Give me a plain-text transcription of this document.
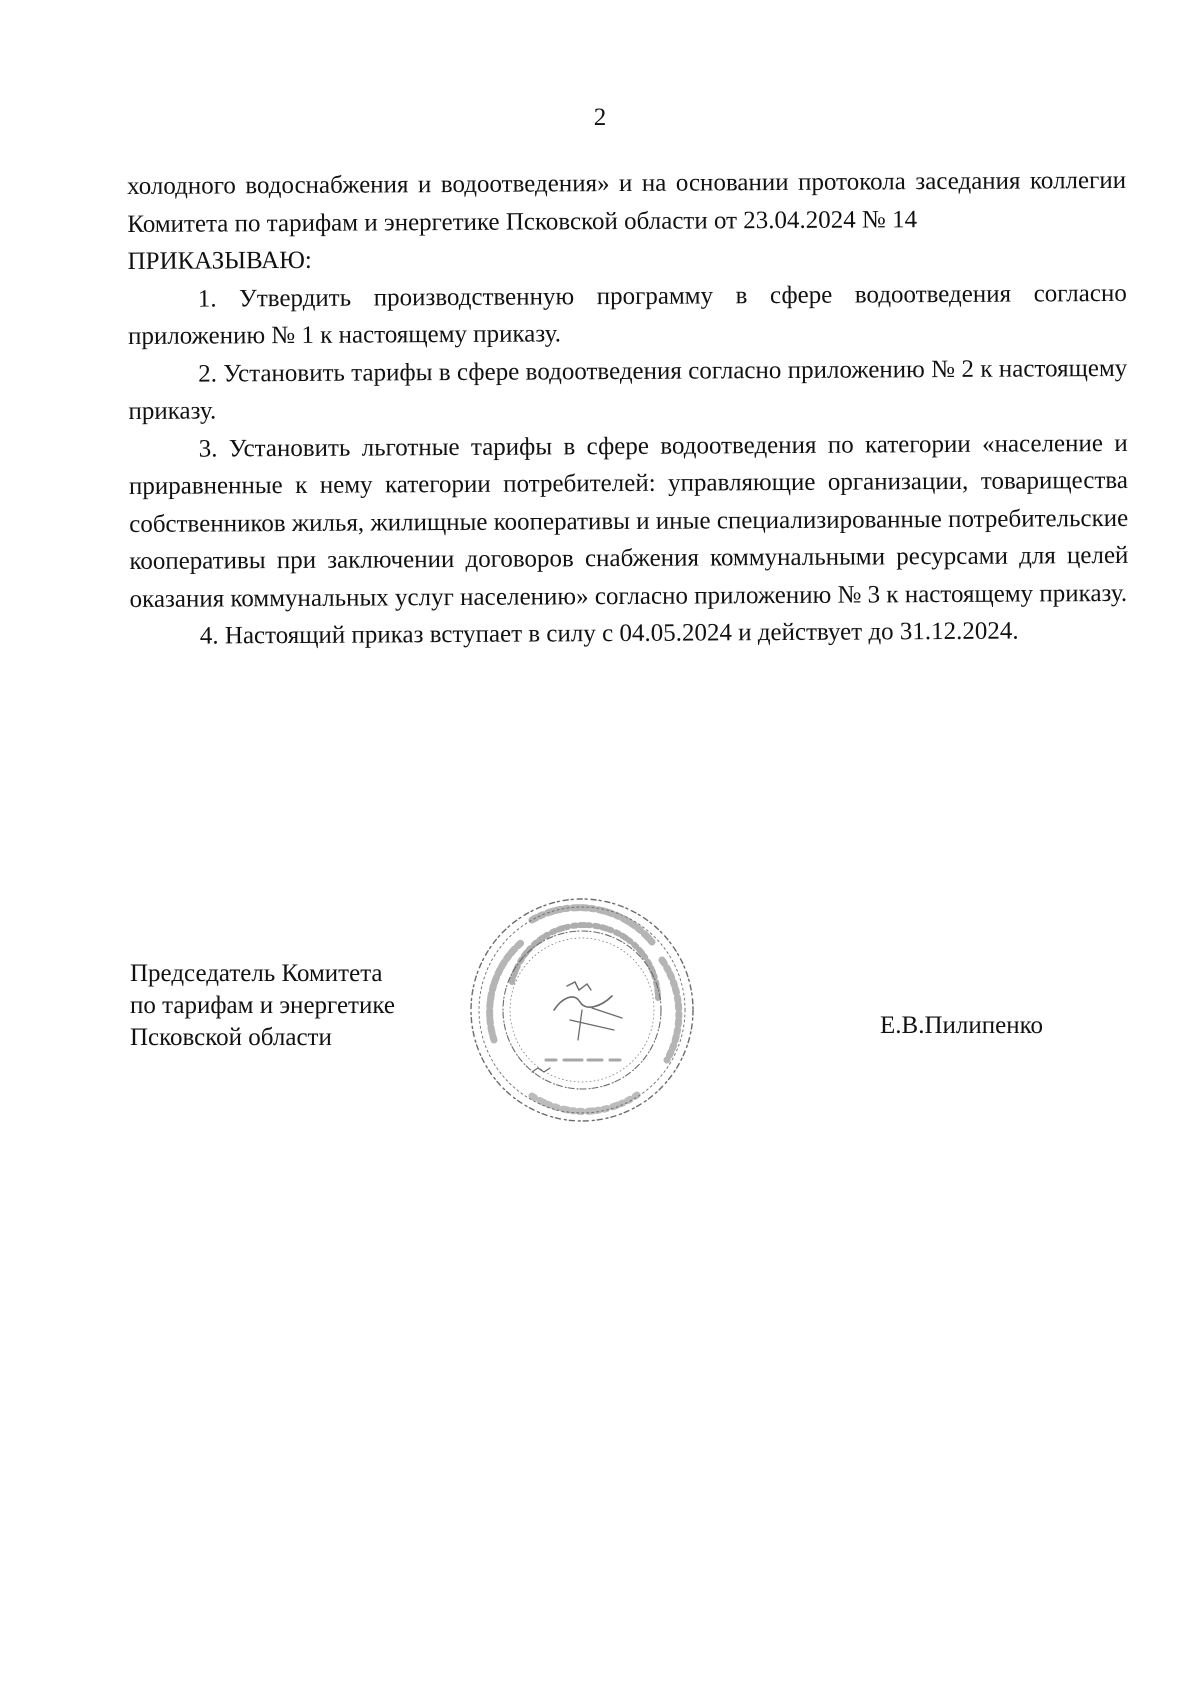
2

холодного водоснабжения и водоотведения» и на основании протокола заседания коллегии Комитета по тарифам и энергетике Псковской области от 23.04.2024 № 14

ПРИКАЗЫВАЮ:

1. Утвердить производственную программу в сфере водоотведения согласно приложению № 1 к настоящему приказу.

2. Установить тарифы в сфере водоотведения согласно приложению № 2 к настоящему приказу.

3. Установить льготные тарифы в сфере водоотведения по категории «население и приравненные к нему категории потребителей: управляющие организации, товарищества собственников жилья, жилищные кооперативы и иные специализированные потребительские кооперативы при заключении договоров снабжения коммунальными ресурсами для целей оказания коммунальных услуг населению» согласно приложению № 3 к настоящему приказу.

4. Настоящий приказ вступает в силу с 04.05.2024 и действует до 31.12.2024.

Председатель Комитета
по тарифам и энергетике
Псковской области	Е.В.Пилипенко
